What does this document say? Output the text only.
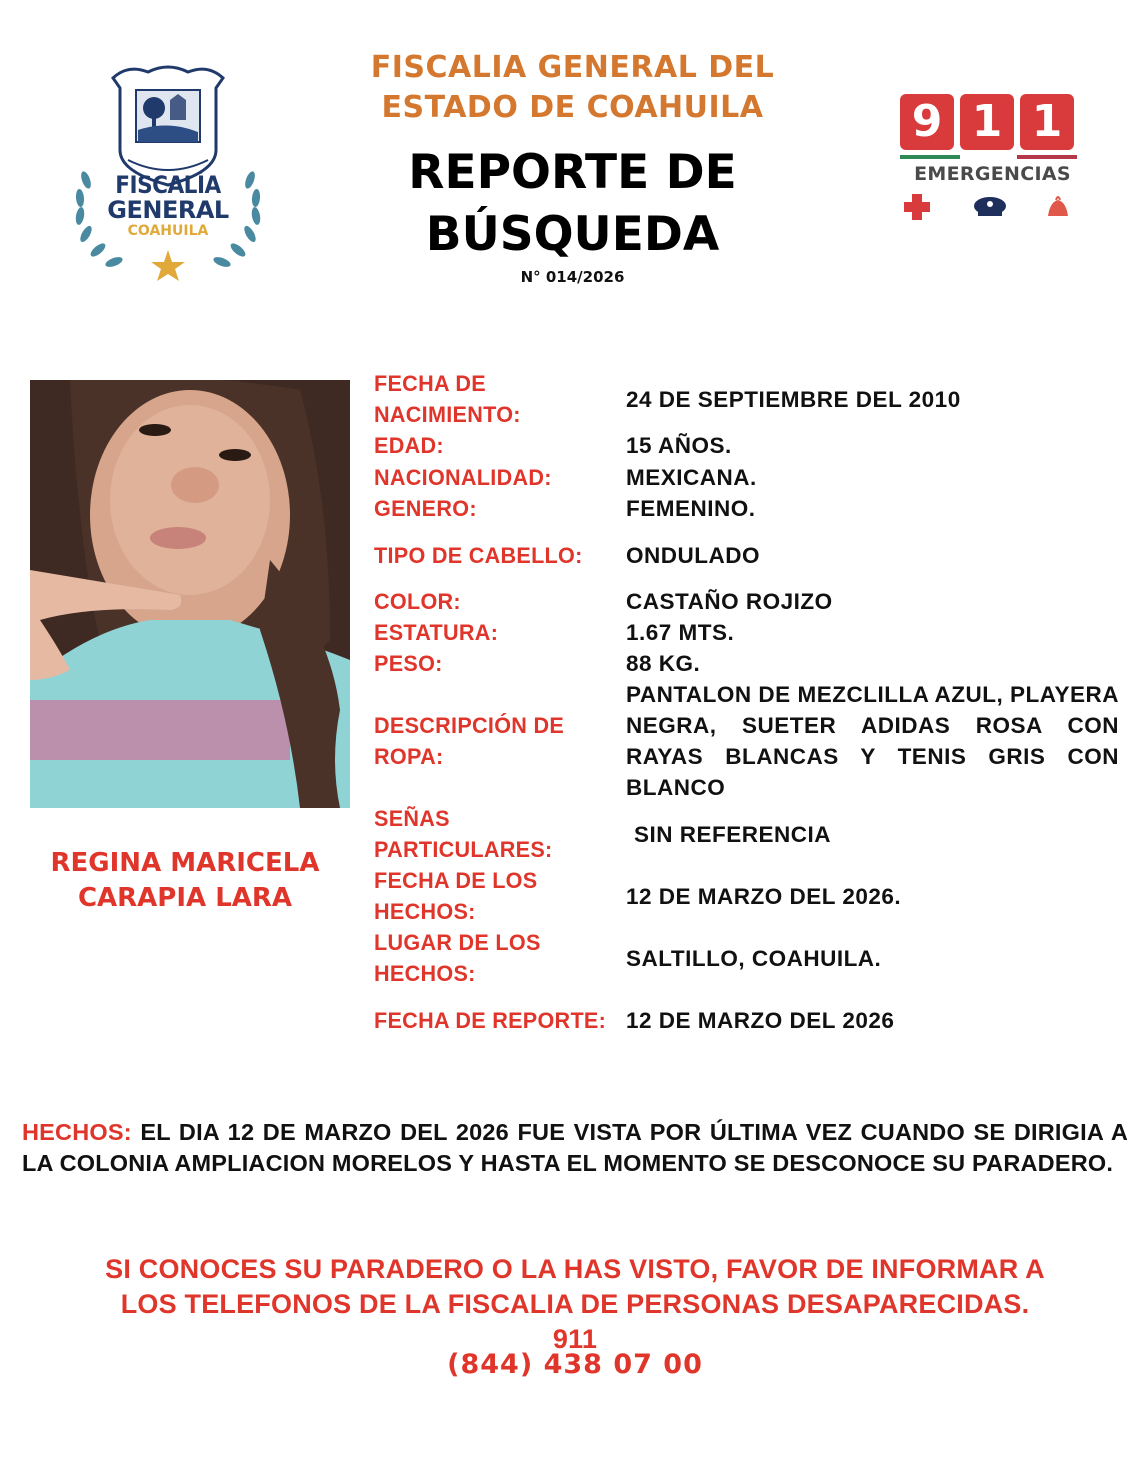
FISCALÍA
GENERAL
COAHUILA
FISCALIA GENERAL DEL
ESTADO DE COAHUILA
REPORTE DE
BÚSQUEDA
N° 014/2026
9 1 1
EMERGENCIAS
REGINA MARICELA
CARAPIA LARA
FECHA DE NACIMIENTO:
24 DE SEPTIEMBRE DEL 2010
EDAD:	15 AÑOS.
NACIONALIDAD:	MEXICANA.
GENERO:	FEMENINO.
TIPO DE CABELLO:	ONDULADO
COLOR:	CASTAÑO ROJIZO
ESTATURA:	1.67 MTS.
PESO:	88 KG.
DESCRIPCIÓN DE ROPA:
PANTALON DE MEZCLILLA AZUL, PLAYERA NEGRA, SUETER ADIDAS ROSA CON RAYAS BLANCAS Y TENIS GRIS CON BLANCO
SEÑAS PARTICULARES:
SIN REFERENCIA
FECHA DE LOS HECHOS:
12 DE MARZO DEL 2026.
LUGAR DE LOS HECHOS:
SALTILLO, COAHUILA.
FECHA DE REPORTE: 12 DE MARZO DEL 2026
HECHOS: EL DIA 12 DE MARZO DEL 2026 FUE VISTA POR ÚLTIMA VEZ CUANDO SE DIRIGIA A LA COLONIA AMPLIACION MORELOS Y HASTA EL MOMENTO SE DESCONOCE SU PARADERO.
SI CONOCES SU PARADERO O LA HAS VISTO, FAVOR DE INFORMAR A
LOS TELEFONOS DE LA FISCALIA DE PERSONAS DESAPARECIDAS.
911
(844) 438 07 00
